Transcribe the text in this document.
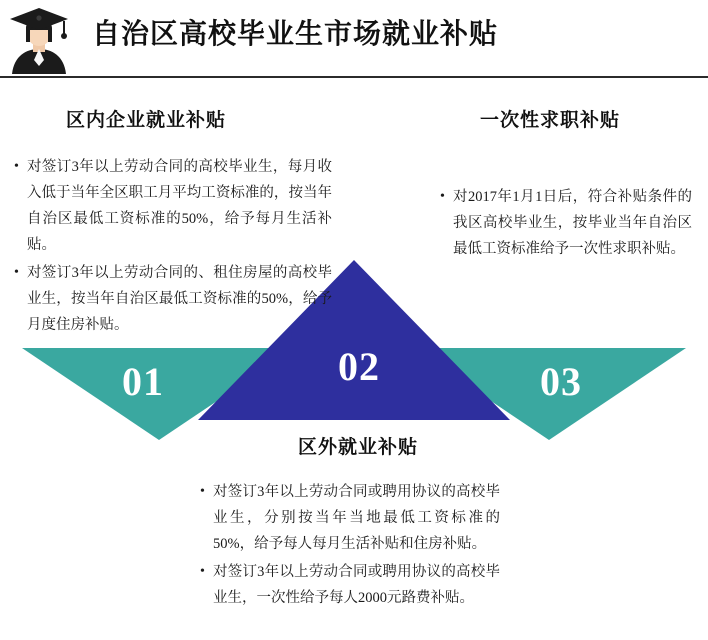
自治区高校毕业生市场就业补贴
01	02	03
区内企业就业补贴
• 对签订3年以上劳动合同的高校毕业生，每月收入低于当年全区职工月平均工资标准的，按当年自治区最低工资标准的50%，给予每月生活补贴。
• 对签订3年以上劳动合同的、租住房屋的高校毕业生，按当年自治区最低工资标准的50%，给予月度住房补贴。
一次性求职补贴
• 对2017年1月1日后，符合补贴条件的我区高校毕业生，按毕业当年自治区最低工资标准给予一次性求职补贴。
区外就业补贴
• 对签订3年以上劳动合同或聘用协议的高校毕业生，分别按当年当地最低工资标准的50%，给予每人每月生活补贴和住房补贴。
• 对签订3年以上劳动合同或聘用协议的高校毕业生，一次性给予每人2000元路费补贴。
